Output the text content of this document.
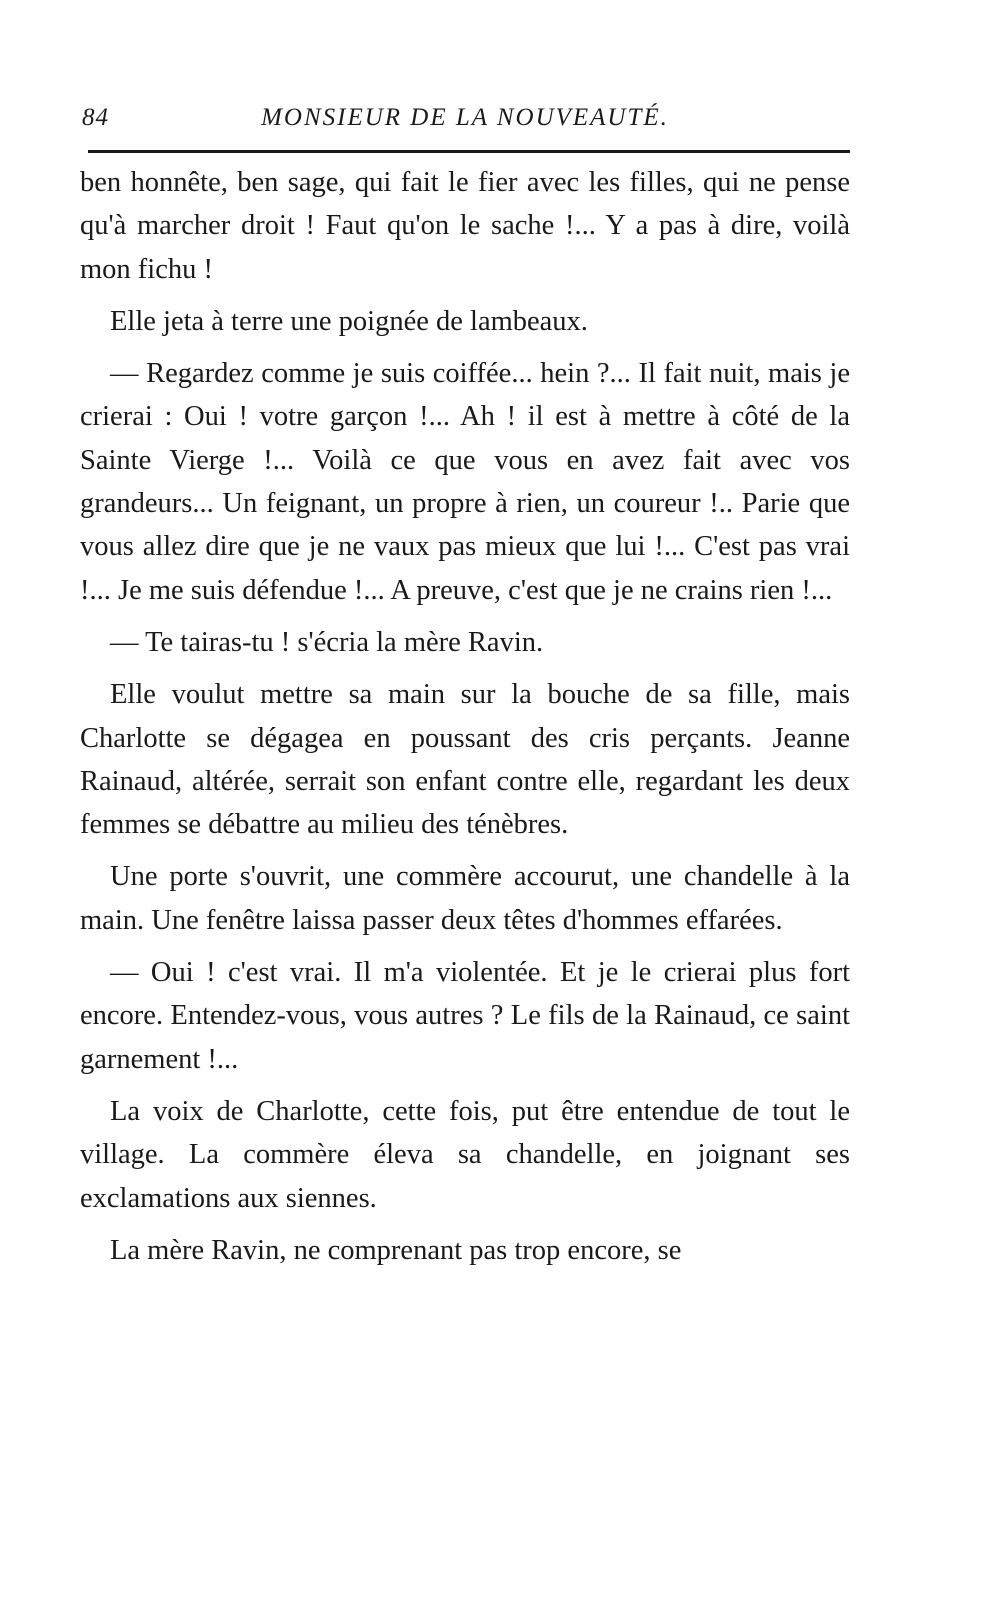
84	MONSIEUR DE LA NOUVEAUTÉ.

ben honnête, ben sage, qui fait le fier avec les filles, qui ne pense qu'à marcher droit ! Faut qu'on le sache !... Y a pas à dire, voilà mon fichu !

Elle jeta à terre une poignée de lambeaux.

— Regardez comme je suis coiffée... hein ?... Il fait nuit, mais je crierai : Oui ! votre garçon !... Ah ! il est à mettre à côté de la Sainte Vierge !... Voilà ce que vous en avez fait avec vos grandeurs... Un feignant, un propre à rien, un coureur !.. Parie que vous allez dire que je ne vaux pas mieux que lui !... C'est pas vrai !... Je me suis défendue !... A preuve, c'est que je ne crains rien !...

— Te tairas-tu ! s'écria la mère Ravin.

Elle voulut mettre sa main sur la bouche de sa fille, mais Charlotte se dégagea en poussant des cris perçants. Jeanne Rainaud, altérée, serrait son enfant contre elle, regardant les deux femmes se débattre au milieu des ténèbres.

Une porte s'ouvrit, une commère accourut, une chandelle à la main. Une fenêtre laissa passer deux têtes d'hommes effarées.

— Oui ! c'est vrai. Il m'a violentée. Et je le crierai plus fort encore. Entendez-vous, vous autres ? Le fils de la Rainaud, ce saint garnement !...

La voix de Charlotte, cette fois, put être entendue de tout le village. La commère éleva sa chandelle, en joignant ses exclamations aux siennes.

La mère Ravin, ne comprenant pas trop encore, se
